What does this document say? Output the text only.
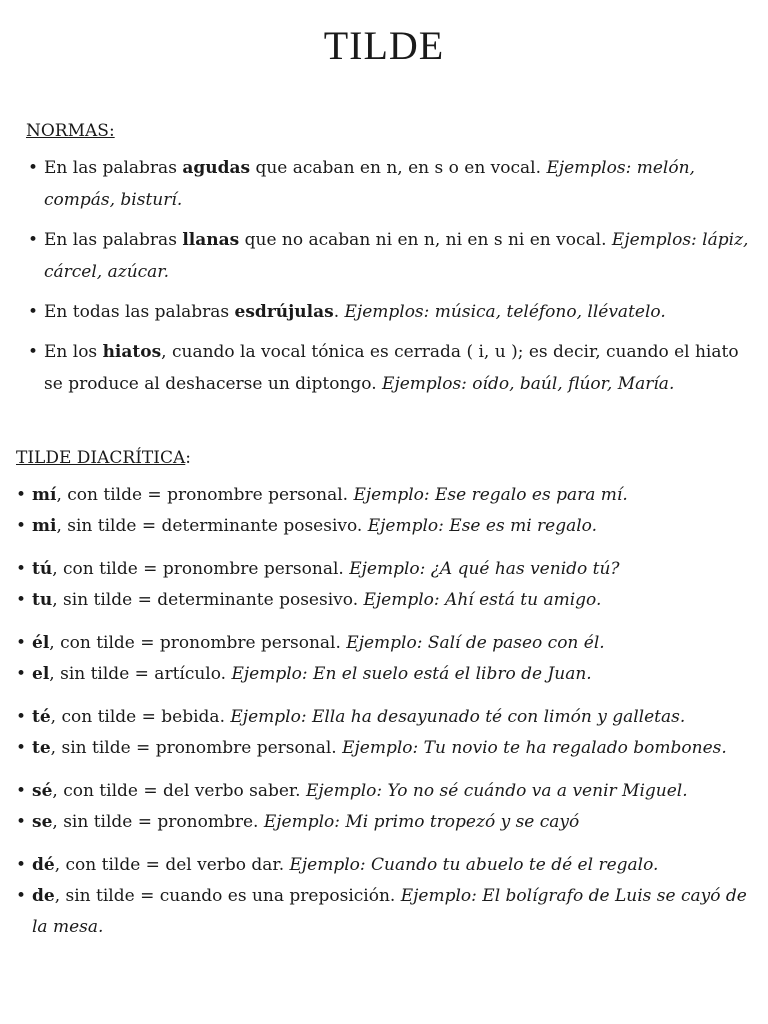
TILDE
NORMAS:
• En las palabras agudas que acaban en n, en s o en vocal. Ejemplos: melón, compás, bisturí.
• En las palabras llanas que no acaban ni en n, ni en s ni en vocal. Ejemplos: lápiz, cárcel, azúcar.
• En todas las palabras esdrújulas. Ejemplos: música, teléfono, llévatelo.
• En los hiatos, cuando la vocal tónica es cerrada ( i, u ); es decir, cuando el hiato se produce al deshacerse un diptongo. Ejemplos: oído, baúl, flúor, María.
TILDE DIACRÍTICA:
• mí, con tilde = pronombre personal. Ejemplo: Ese regalo es para mí.
• mi, sin tilde = determinante posesivo. Ejemplo: Ese es mi regalo.
• tú, con tilde = pronombre personal. Ejemplo: ¿A qué has venido tú?
• tu, sin tilde = determinante posesivo. Ejemplo: Ahí está tu amigo.
• él, con tilde = pronombre personal. Ejemplo: Salí de paseo con él.
• el, sin tilde = artículo. Ejemplo: En el suelo está el libro de Juan.
• té, con tilde = bebida. Ejemplo: Ella ha desayunado té con limón y galletas.
• te, sin tilde = pronombre personal. Ejemplo: Tu novio te ha regalado bombones.
• sé, con tilde = del verbo saber. Ejemplo: Yo no sé cuándo va a venir Miguel.
• se, sin tilde = pronombre. Ejemplo: Mi primo tropezó y se cayó
• dé, con tilde = del verbo dar. Ejemplo: Cuando tu abuelo te dé el regalo.
• de, sin tilde = cuando es una preposición. Ejemplo: El bolígrafo de Luis se cayó de la mesa.
